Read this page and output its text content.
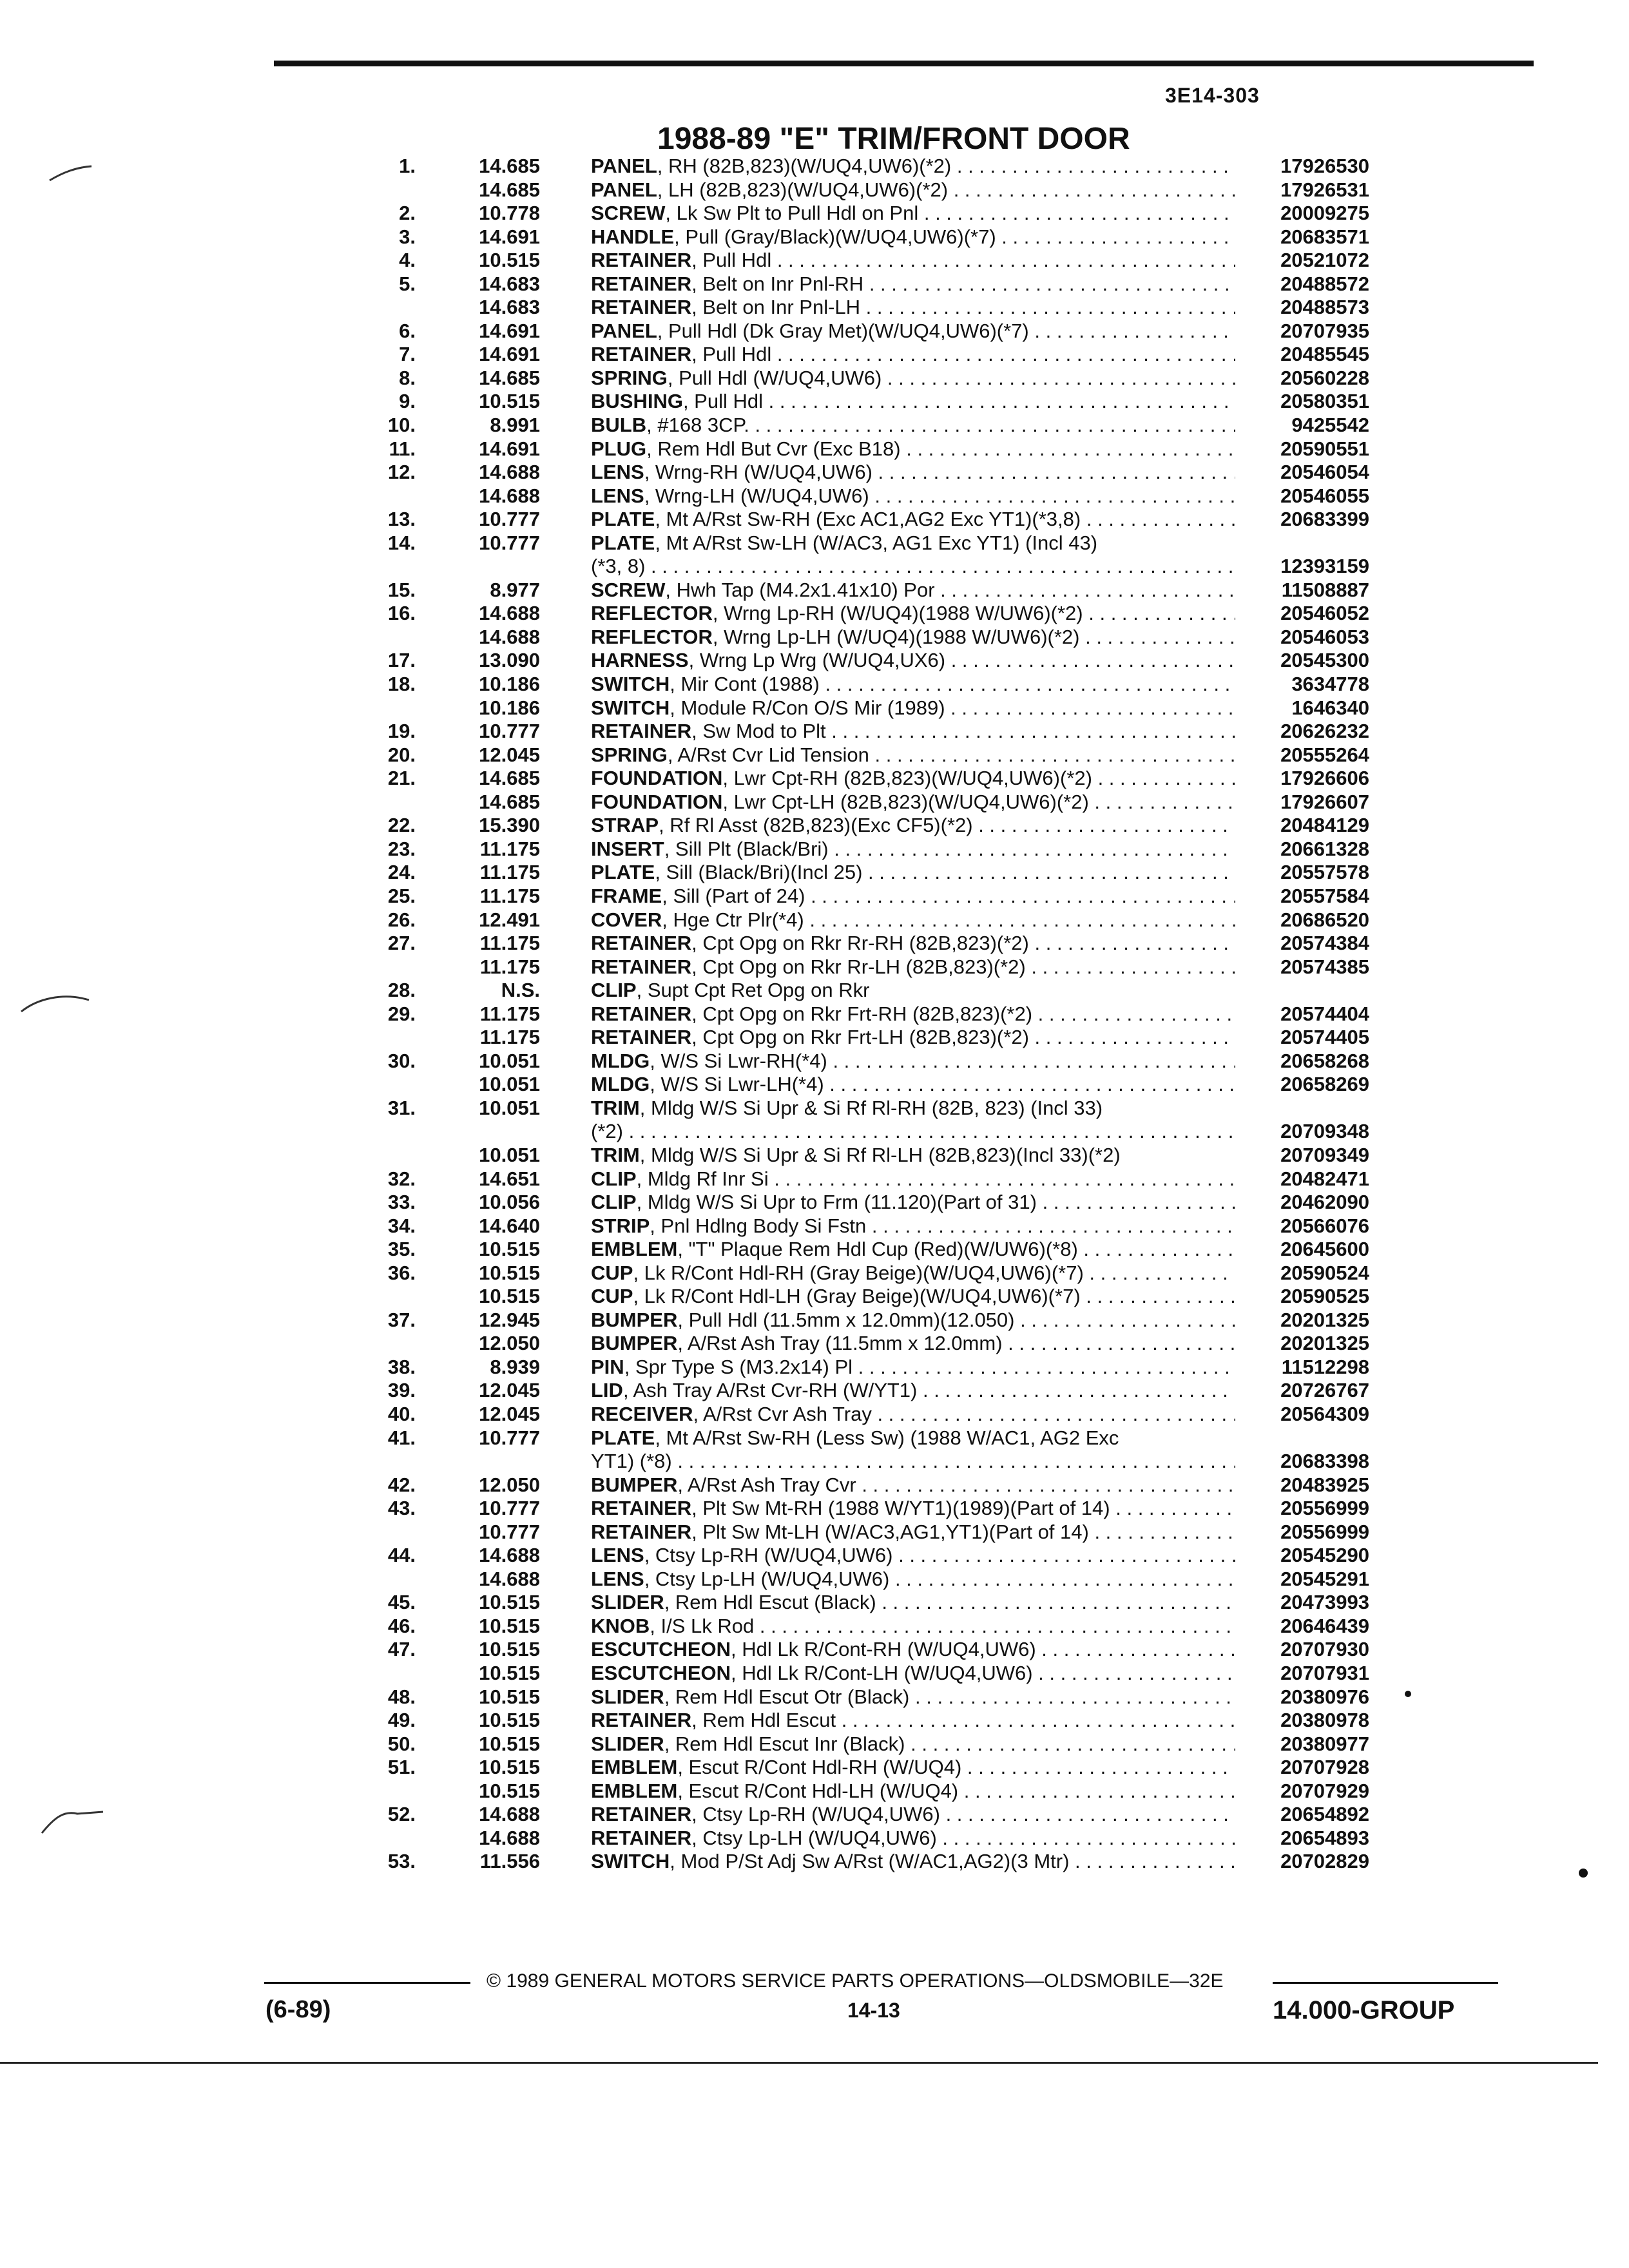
3E14-303
1988-89 "E" TRIM/FRONT DOOR
1.	14.685	PANEL, RH (82B,823)(W/UQ4,UW6)(*2) . . .	17926530
14.685	PANEL, LH (82B,823)(W/UQ4,UW6)(*2) . . .	17926531
2.	10.778	SCREW, Lk Sw Plt to Pull Hdl on Pnl . . .	20009275
3.	14.691	HANDLE, Pull (Gray/Black)(W/UQ4,UW6)(*7) . . .	20683571
4.	10.515	RETAINER, Pull Hdl . . .	20521072
5.	14.683	RETAINER, Belt on Inr Pnl-RH . . .	20488572
14.683	RETAINER, Belt on Inr Pnl-LH . . .	20488573
6.	14.691	PANEL, Pull Hdl (Dk Gray Met)(W/UQ4,UW6)(*7) . . .	20707935
7.	14.691	RETAINER, Pull Hdl . . .	20485545
8.	14.685	SPRING, Pull Hdl (W/UQ4,UW6) . . .	20560228
9.	10.515	BUSHING, Pull Hdl . . .	20580351
10.	8.991	BULB, #168 3CP. . . .	9425542
11.	14.691	PLUG, Rem Hdl But Cvr (Exc B18) . . .	20590551
12.	14.688	LENS, Wrng-RH (W/UQ4,UW6) . . .	20546054
14.688	LENS, Wrng-LH (W/UQ4,UW6) . . .	20546055
13.	10.777	PLATE, Mt A/Rst Sw-RH (Exc AC1,AG2 Exc YT1)(*3,8) . . .	20683399
14.	10.777	PLATE, Mt A/Rst Sw-LH (W/AC3, AG1 Exc YT1) (Incl 43)
(*3, 8) . . .	12393159
15.	8.977	SCREW, Hwh Tap (M4.2x1.41x10) Por . . .	11508887
16.	14.688	REFLECTOR, Wrng Lp-RH (W/UQ4)(1988 W/UW6)(*2) . . .	20546052
14.688	REFLECTOR, Wrng Lp-LH (W/UQ4)(1988 W/UW6)(*2) . . .	20546053
17.	13.090	HARNESS, Wrng Lp Wrg (W/UQ4,UX6) . . .	20545300
18.	10.186	SWITCH, Mir Cont (1988) . . .	3634778
10.186	SWITCH, Module R/Con O/S Mir (1989) . . .	1646340
19.	10.777	RETAINER, Sw Mod to Plt . . .	20626232
20.	12.045	SPRING, A/Rst Cvr Lid Tension . . .	20555264
21.	14.685	FOUNDATION, Lwr Cpt-RH (82B,823)(W/UQ4,UW6)(*2) . . .	17926606
14.685	FOUNDATION, Lwr Cpt-LH (82B,823)(W/UQ4,UW6)(*2) . . .	17926607
22.	15.390	STRAP, Rf Rl Asst (82B,823)(Exc CF5)(*2) . . .	20484129
23.	11.175	INSERT, Sill Plt (Black/Bri) . . .	20661328
24.	11.175	PLATE, Sill (Black/Bri)(Incl 25) . . .	20557578
25.	11.175	FRAME, Sill (Part of 24) . . .	20557584
26.	12.491	COVER, Hge Ctr Plr(*4) . . .	20686520
27.	11.175	RETAINER, Cpt Opg on Rkr Rr-RH (82B,823)(*2) . . .	20574384
11.175	RETAINER, Cpt Opg on Rkr Rr-LH (82B,823)(*2) . . .	20574385
28.	N.S.	CLIP, Supt Cpt Ret Opg on Rkr
29.	11.175	RETAINER, Cpt Opg on Rkr Frt-RH (82B,823)(*2) . . .	20574404
11.175	RETAINER, Cpt Opg on Rkr Frt-LH (82B,823)(*2) . . .	20574405
30.	10.051	MLDG, W/S Si Lwr-RH(*4) . . .	20658268
10.051	MLDG, W/S Si Lwr-LH(*4) . . .	20658269
31.	10.051	TRIM, Mldg W/S Si Upr & Si Rf Rl-RH (82B, 823) (Incl 33)
(*2) . . .	20709348
10.051	TRIM, Mldg W/S Si Upr & Si Rf Rl-LH (82B,823)(Incl 33)(*2)	20709349
32.	14.651	CLIP, Mldg Rf Inr Si . . .	20482471
33.	10.056	CLIP, Mldg W/S Si Upr to Frm (11.120)(Part of 31) . . .	20462090
34.	14.640	STRIP, Pnl Hdlng Body Si Fstn . . .	20566076
35.	10.515	EMBLEM, "T" Plaque Rem Hdl Cup (Red)(W/UW6)(*8) . . .	20645600
36.	10.515	CUP, Lk R/Cont Hdl-RH (Gray Beige)(W/UQ4,UW6)(*7) . . .	20590524
10.515	CUP, Lk R/Cont Hdl-LH (Gray Beige)(W/UQ4,UW6)(*7) . . .	20590525
37.	12.945	BUMPER, Pull Hdl (11.5mm x 12.0mm)(12.050) . . .	20201325
12.050	BUMPER, A/Rst Ash Tray (11.5mm x 12.0mm) . . .	20201325
38.	8.939	PIN, Spr Type S (M3.2x14) Pl . . .	11512298
39.	12.045	LID, Ash Tray A/Rst Cvr-RH (W/YT1) . . .	20726767
40.	12.045	RECEIVER, A/Rst Cvr Ash Tray . . .	20564309
41.	10.777	PLATE, Mt A/Rst Sw-RH (Less Sw) (1988 W/AC1, AG2 Exc
YT1) (*8) . . .	20683398
42.	12.050	BUMPER, A/Rst Ash Tray Cvr . . .	20483925
43.	10.777	RETAINER, Plt Sw Mt-RH (1988 W/YT1)(1989)(Part of 14) . . .	20556999
10.777	RETAINER, Plt Sw Mt-LH (W/AC3,AG1,YT1)(Part of 14) . . .	20556999
44.	14.688	LENS, Ctsy Lp-RH (W/UQ4,UW6) . . .	20545290
14.688	LENS, Ctsy Lp-LH (W/UQ4,UW6) . . .	20545291
45.	10.515	SLIDER, Rem Hdl Escut (Black) . . .	20473993
46.	10.515	KNOB, I/S Lk Rod . . .	20646439
47.	10.515	ESCUTCHEON, Hdl Lk R/Cont-RH (W/UQ4,UW6) . . .	20707930
10.515	ESCUTCHEON, Hdl Lk R/Cont-LH (W/UQ4,UW6) . . .	20707931
48.	10.515	SLIDER, Rem Hdl Escut Otr (Black) . . .	20380976
49.	10.515	RETAINER, Rem Hdl Escut . . .	20380978
50.	10.515	SLIDER, Rem Hdl Escut Inr (Black) . . .	20380977
51.	10.515	EMBLEM, Escut R/Cont Hdl-RH (W/UQ4) . . .	20707928
10.515	EMBLEM, Escut R/Cont Hdl-LH (W/UQ4) . . .	20707929
52.	14.688	RETAINER, Ctsy Lp-RH (W/UQ4,UW6) . . .	20654892
14.688	RETAINER, Ctsy Lp-LH (W/UQ4,UW6) . . .	20654893
53.	11.556	SWITCH, Mod P/St Adj Sw A/Rst (W/AC1,AG2)(3 Mtr) . . .	20702829
© 1989 GENERAL MOTORS SERVICE PARTS OPERATIONS—OLDSMOBILE—32E
(6-89)	14-13	14.000-GROUP
